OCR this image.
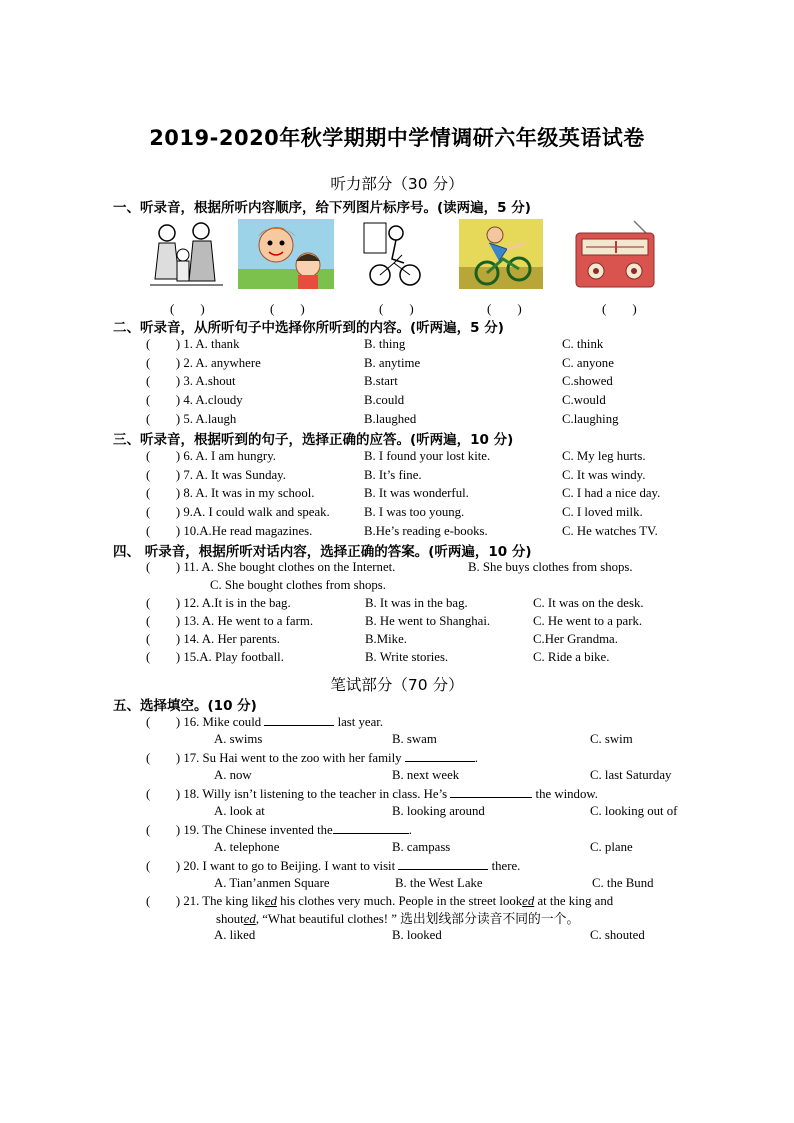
2019-2020年秋学期期中学情调研六年级英语试卷
听力部分（30 分）
一、听录音，根据所听内容顺序，给下列图片标序号。(读两遍，5 分)
(　　)	(　　)	(　　)	(　　)	(　　)
二、听录音，从所听句子中选择你所听到的内容。(听两遍，5 分)
(　　) 1. A. thank	B. thing	C. think
(　　) 2. A. anywhere	B. anytime	C. anyone
(　　) 3. A.shout	B.start	C.showed
(　　) 4. A.cloudy	B.could	C.would
(　　) 5. A.laugh	B.laughed	C.laughing
三、听录音，根据听到的句子，选择正确的应答。(听两遍，10 分)
(　　) 6. A. I am hungry.	B. I found your lost kite.	C. My leg hurts.
(　　) 7. A. It was Sunday.	B. It’s fine.	C. It was windy.
(　　) 8. A. It was in my school.	B. It was wonderful.	C. I had a nice day.
(　　) 9.A. I could walk and speak.	B. I was too young.	C. I loved milk.
(　　) 10.A.He read magazines.	B.He’s reading e-books.	C. He watches TV.
四、 听录音，根据所听对话内容，选择正确的答案。(听两遍，10 分)
(　　) 11. A. She bought clothes on the Internet.	B. She buys clothes from shops.
C. She bought clothes from shops.
(　　) 12. A.It is in the bag.	B. It was in the bag.	C. It was on the desk.
(　　) 13. A. He went to a farm.	B. He went to Shanghai.	C. He went to a park.
(　　) 14. A. Her parents.	B.Mike.	C.Her Grandma.
(　　) 15.A. Play football.	B. Write stories.	C. Ride a bike.
笔试部分（70 分）
五、选择填空。(10 分)
(　　) 16. Mike could	last year.
A. swims	B. swam	C. swim
(　　) 17. Su Hai went to the zoo with her family	.
A. now	B. next week	C. last Saturday
(　　) 18. Willy isn’t listening to the teacher in class. He’s	the window.
A. look at	B. looking around	C. looking out of
(　　) 19. The Chinese invented the	.
A. telephone	B. campass	C. plane
(　　) 20. I want to go to Beijing. I want to visit	there.
A. Tian’anmen Square	B. the West Lake	C. the Bund
(　　) 21. The king liked his clothes very much. People in the street looked at the king and
shouted, “What beautiful clothes! ” 选出划线部分读音不同的一个。
A. liked	B. looked	C. shouted
